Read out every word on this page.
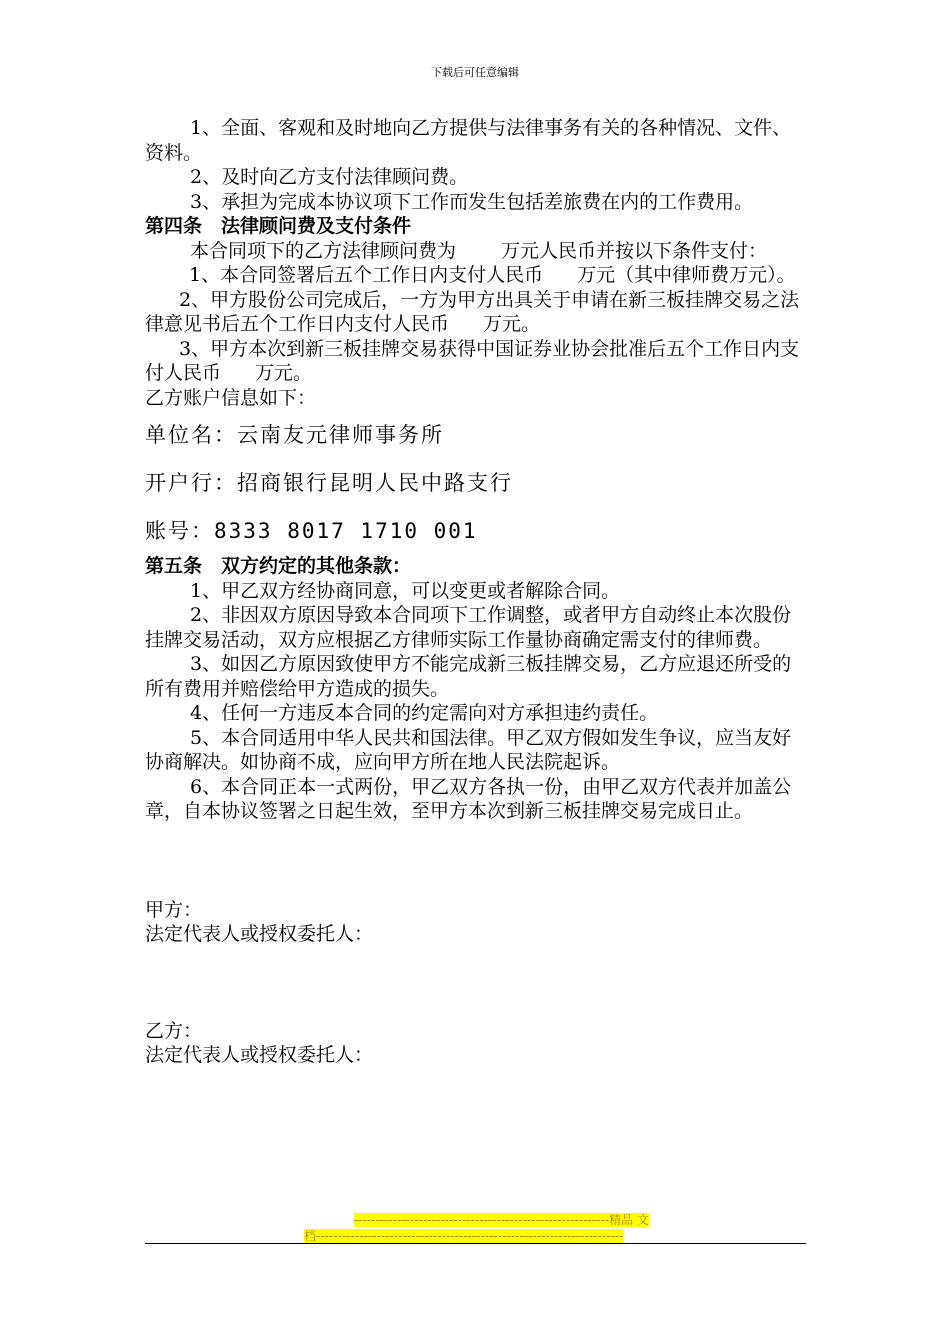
下载后可任意编辑

1、全面、客观和及时地向乙方提供与法律事务有关的各种情况、文件、资料。

2、及时向乙方支付法律顾问费。

3、承担为完成本协议项下工作而发生包括差旅费在内的工作费用。

第四条　法律顾问费及支付条件

本合同项下的乙方法律顾问费为 万元人民币并按以下条件支付：

1、本合同签署后五个工作日内支付人民币 万元（其中律师费万元）。

2、甲方股份公司完成后，一方为甲方出具关于申请在新三板挂牌交易之法律意见书后五个工作日内支付人民币 万元。

3、甲方本次到新三板挂牌交易获得中国证券业协会批准后五个工作日内支付人民币 万元。

乙方账户信息如下：

单位名：云南友元律师事务所

开户行：招商银行昆明人民中路支行

账号：8333 8017 1710 001

第五条　双方约定的其他条款：

1、甲乙双方经协商同意，可以变更或者解除合同。

2、非因双方原因导致本合同项下工作调整，或者甲方自动终止本次股份挂牌交易活动，双方应根据乙方律师实际工作量协商确定需支付的律师费。

3、如因乙方原因致使甲方不能完成新三板挂牌交易，乙方应退还所受的所有费用并赔偿给甲方造成的损失。

4、任何一方违反本合同的约定需向对方承担违约责任。

5、本合同适用中华人民共和国法律。甲乙双方假如发生争议，应当友好协商解决。如协商不成，应向甲方所在地人民法院起诉。

6、本合同正本一式两份，甲乙双方各执一份，由甲乙双方代表并加盖公章，自本协议签署之日起生效，至甲方本次到新三板挂牌交易完成日止。

甲方：

法定代表人或授权委托人：

乙方：

法定代表人或授权委托人：

-----------------------------------------------------------精品 文
档-----------------------------------------------------------------------
